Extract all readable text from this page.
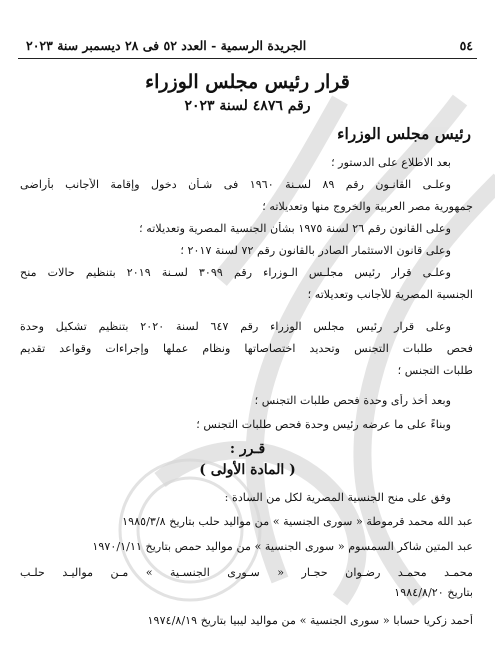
٥٤
الجريدة الرسمية - العدد ٥٢ فى ٢٨ ديسمبر سنة ٢٠٢٣
قرار رئيس مجلس الوزراء
رقم ٤٨٧٦ لسنة ٢٠٢٣
رئيس مجلس الوزراء
بعد الاطلاع على الدستور ؛
وعلـى القانـون رقم ٨٩ لسـنة ١٩٦٠ فى شـأن دخول وإقامة الأجانب بأراضى
جمهورية مصر العربية والخروج منها وتعديلاته ؛
وعلى القانون رقم ٢٦ لسنة ١٩٧٥ بشأن الجنسية المصرية وتعديلاته ؛
وعلى قانون الاستثمار الصادر بالقانون رقم ٧٢ لسنة ٢٠١٧ ؛
وعلـى قرار رئيس مجلـس الـوزراء رقم ٣٠٩٩ لسـنة ٢٠١٩ بتنظيم حالات منح
الجنسية المصرية للأجانب وتعديلاته ؛
وعلى قرار رئيس مجلس الوزراء رقم ٦٤٧ لسنة ٢٠٢٠ بتنظيم تشكيل وحدة
فحص طلبات التجنس وتحديد اختصاصاتها ونظام عملها وإجراءات وقواعد تقديم
طلبات التجنس ؛
وبعد أخذ رأى وحدة فحص طلبات التجنس ؛
وبناءً على ما عرضه رئيس وحدة فحص طلبات التجنس ؛
قـرر :
( المادة الأولى )
وفق على منح الجنسية المصرية لكل من السادة :
عبد الله محمد قرموطة « سورى الجنسية » من مواليد حلب بتاريخ ١٩٨٥/٣/٨
عبد المتين شاكر السمسوم « سورى الجنسية » من مواليد حمص بتاريخ ١٩٧٠/١/١١
محمـد محمـد رضـوان حجـار « سـورى الجنسـية » مـن مواليـد حلـب
بتاريخ ١٩٨٤/٨/٢٠
أحمد زكريا حسابا « سورى الجنسية » من مواليد ليبيا بتاريخ ١٩٧٤/٨/١٩
